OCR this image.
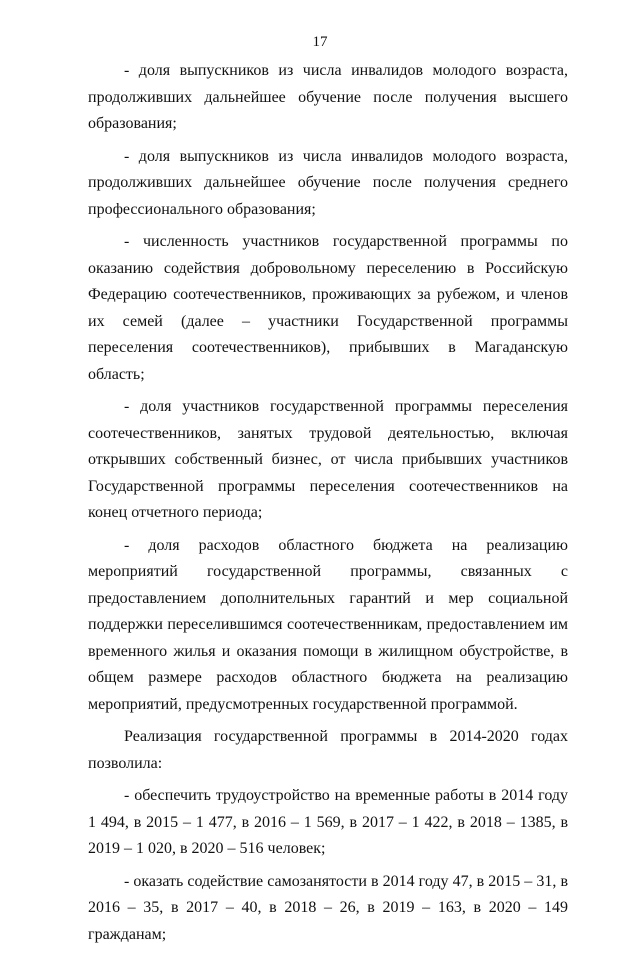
17

- доля выпускников из числа инвалидов молодого возраста, продолживших дальнейшее обучение после получения высшего образования;

- доля выпускников из числа инвалидов молодого возраста, продолживших дальнейшее обучение после получения среднего профессионального образования;

- численность участников государственной программы по оказанию содействия добровольному переселению в Российскую Федерацию соотечественников, проживающих за рубежом, и членов их семей (далее – участники Государственной программы переселения соотечественников), прибывших в Магаданскую область;

- доля участников государственной программы переселения соотечественников, занятых трудовой деятельностью, включая открывших собственный бизнес, от числа прибывших участников Государственной программы переселения соотечественников на конец отчетного периода;

- доля расходов областного бюджета на реализацию мероприятий государственной программы, связанных с предоставлением дополнительных гарантий и мер социальной поддержки переселившимся соотечественникам, предоставлением им временного жилья и оказания помощи в жилищном обустройстве, в общем размере расходов областного бюджета на реализацию мероприятий, предусмотренных государственной программой.

Реализация государственной программы в 2014-2020 годах позволила:

- обеспечить трудоустройство на временные работы в 2014 году 1 494, в 2015 – 1 477, в 2016 – 1 569, в 2017 – 1 422, в 2018 – 1385, в 2019 – 1 020, в 2020 – 516 человек;

- оказать содействие самозанятости в 2014 году 47, в 2015 – 31, в 2016 – 35, в 2017 – 40, в 2018 – 26, в 2019 – 163, в 2020 – 149 гражданам;
